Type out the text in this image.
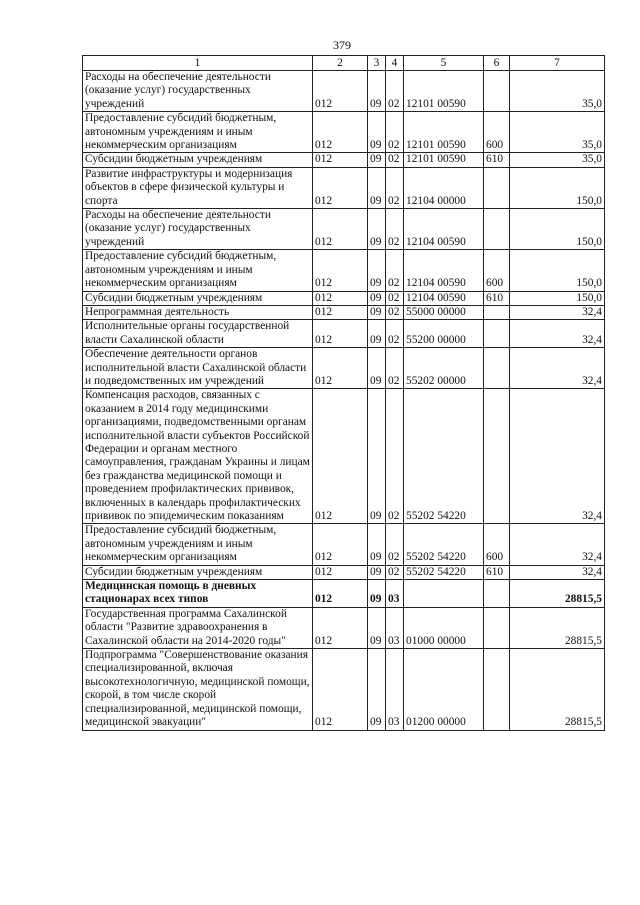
379
1	2	3	4	5	6	7
Расходы на обеспечение деятельности (оказание услуг) государственных учреждений	012	09	02	12101 00590		35,0
Предоставление субсидий бюджетным, автономным учреждениям и иным некоммерческим организациям	012	09	02	12101 00590	600	35,0
Субсидии бюджетным учреждениям	012	09	02	12101 00590	610	35,0
Развитие инфраструктуры и модернизация объектов в сфере физической культуры и спорта	012	09	02	12104 00000		150,0
Расходы на обеспечение деятельности (оказание услуг) государственных учреждений	012	09	02	12104 00590		150,0
Предоставление субсидий бюджетным, автономным учреждениям и иным некоммерческим организациям	012	09	02	12104 00590	600	150,0
Субсидии бюджетным учреждениям	012	09	02	12104 00590	610	150,0
Непрограммная деятельность	012	09	02	55000 00000		32,4
Исполнительные органы государственной власти Сахалинской области	012	09	02	55200 00000		32,4
Обеспечение деятельности органов исполнительной власти Сахалинской области и подведомственных им учреждений	012	09	02	55202 00000		32,4
Компенсация расходов, связанных с оказанием в 2014 году медицинскими организациями, подведомственными органам исполнительной власти субъектов Российской Федерации и органам местного самоуправления, гражданам Украины и лицам без гражданства медицинской помощи и проведением профилактических прививок, включенных в календарь профилактических прививок по эпидемическим показаниям	012	09	02	55202 54220		32,4
Предоставление субсидий бюджетным, автономным учреждениям и иным некоммерческим организациям	012	09	02	55202 54220	600	32,4
Субсидии бюджетным учреждениям	012	09	02	55202 54220	610	32,4
Медицинская помощь в дневных стационарах всех типов	012	09	03			28815,5
Государственная программа Сахалинской области "Развитие здравоохранения в Сахалинской области на 2014-2020 годы"	012	09	03	01000 00000		28815,5
Подпрограмма "Совершенствование оказания специализированной, включая высокотехнологичную, медицинской помощи, скорой, в том числе скорой специализированной, медицинской помощи, медицинской эвакуации"	012	09	03	01200 00000		28815,5
